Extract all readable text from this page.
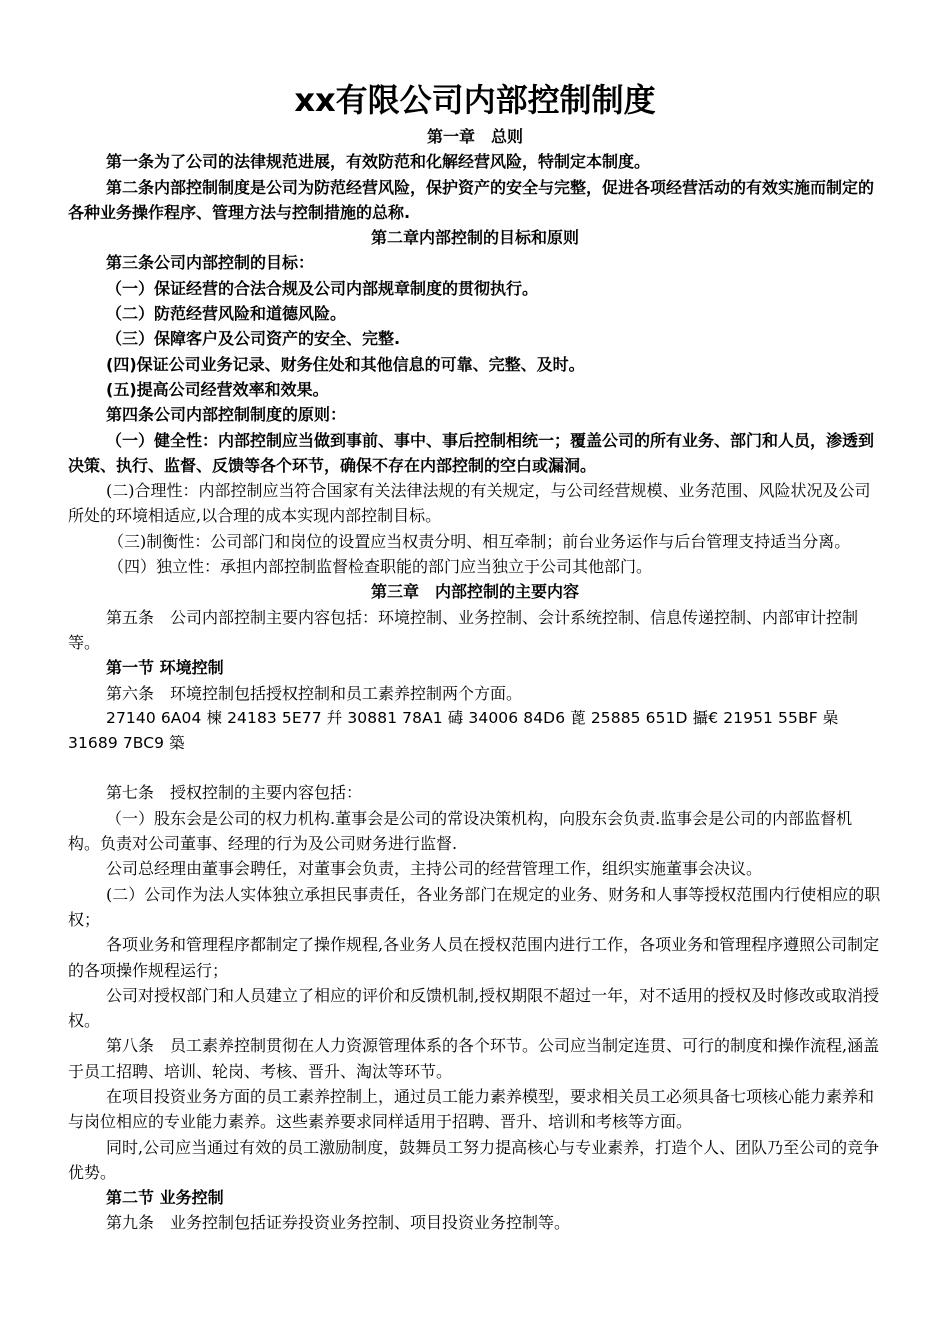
xx有限公司内部控制制度

第一章　总则

第一条为了公司的法律规范进展，有效防范和化解经营风险，特制定本制度。

第二条内部控制制度是公司为防范经营风险，保护资产的安全与完整，促进各项经营活动的有效实施而制定的各种业务操作程序、管理方法与控制措施的总称.

第二章内部控制的目标和原则

第三条公司内部控制的目标：

（一）保证经营的合法合规及公司内部规章制度的贯彻执行。

（二）防范经营风险和道德风险。

（三）保障客户及公司资产的安全、完整.

(四)保证公司业务记录、财务住处和其他信息的可靠、完整、及时。

(五)提高公司经营效率和效果。

第四条公司内部控制制度的原则：

（一）健全性：内部控制应当做到事前、事中、事后控制相统一；覆盖公司的所有业务、部门和人员，渗透到决策、执行、监督、反馈等各个环节，确保不存在内部控制的空白或漏洞。

(二)合理性：内部控制应当符合国家有关法律法规的有关规定，与公司经营规模、业务范围、风险状况及公司所处的环境相适应,以合理的成本实现内部控制目标。

（三)制衡性：公司部门和岗位的设置应当权责分明、相互牵制；前台业务运作与后台管理支持适当分离。

（四）独立性：承担内部控制监督检查职能的部门应当独立于公司其他部门。

第三章　内部控制的主要内容

第五条　公司内部控制主要内容包括：环境控制、业务控制、会计系统控制、信息传递控制、内部审计控制等。

第一节 环境控制

第六条　环境控制包括授权控制和员工素养控制两个方面。

27140 6A04 楝 24183 5E77 幷 30881 78A1 碡 34006 84D6 蓖 25885 651D 攝€ 21951 55BF 喿 31689 7BC9 築

第七条　授权控制的主要内容包括：

（一）股东会是公司的权力机构.董事会是公司的常设决策机构，向股东会负责.监事会是公司的内部监督机构。负责对公司董事、经理的行为及公司财务进行监督.

公司总经理由董事会聘任，对董事会负责，主持公司的经营管理工作，组织实施董事会决议。

(二）公司作为法人实体独立承担民事责任，各业务部门在规定的业务、财务和人事等授权范围内行使相应的职权；

各项业务和管理程序都制定了操作规程,各业务人员在授权范围内进行工作，各项业务和管理程序遵照公司制定的各项操作规程运行；

公司对授权部门和人员建立了相应的评价和反馈机制,授权期限不超过一年，对不适用的授权及时修改或取消授权。

第八条　员工素养控制贯彻在人力资源管理体系的各个环节。公司应当制定连贯、可行的制度和操作流程,涵盖于员工招聘、培训、轮岗、考核、晋升、淘汰等环节。

在项目投资业务方面的员工素养控制上，通过员工能力素养模型，要求相关员工必须具备七项核心能力素养和与岗位相应的专业能力素养。这些素养要求同样适用于招聘、晋升、培训和考核等方面。

同时,公司应当通过有效的员工激励制度，鼓舞员工努力提高核心与专业素养，打造个人、团队乃至公司的竞争优势。

第二节 业务控制

第九条　业务控制包括证券投资业务控制、项目投资业务控制等。
